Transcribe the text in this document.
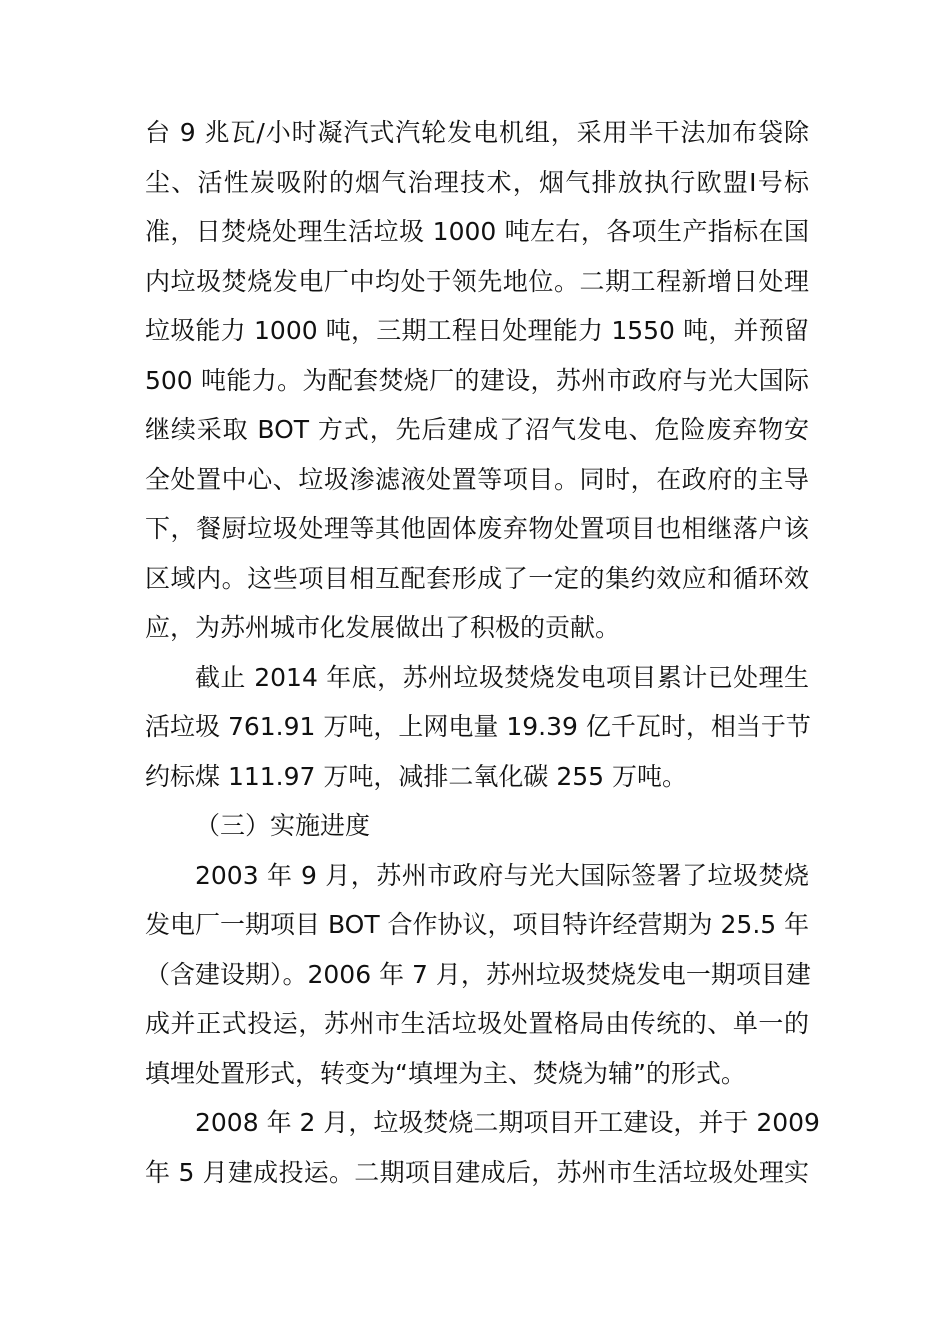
台 9 兆瓦/小时凝汽式汽轮发电机组，采用半干法加布袋除
尘、活性炭吸附的烟气治理技术，烟气排放执行欧盟Ⅰ号标
准，日焚烧处理生活垃圾 1000 吨左右，各项生产指标在国
内垃圾焚烧发电厂中均处于领先地位。二期工程新增日处理
垃圾能力 1000 吨，三期工程日处理能力 1550 吨，并预留
500 吨能力。为配套焚烧厂的建设，苏州市政府与光大国际
继续采取 BOT 方式，先后建成了沼气发电、危险废弃物安
全处置中心、垃圾渗滤液处置等项目。同时，在政府的主导
下，餐厨垃圾处理等其他固体废弃物处置项目也相继落户该
区域内。这些项目相互配套形成了一定的集约效应和循环效
应，为苏州城市化发展做出了积极的贡献。
截止 2014 年底，苏州垃圾焚烧发电项目累计已处理生
活垃圾 761.91 万吨，上网电量 19.39 亿千瓦时，相当于节
约标煤 111.97 万吨，减排二氧化碳 255 万吨。
（三）实施进度
2003 年 9 月，苏州市政府与光大国际签署了垃圾焚烧
发电厂一期项目 BOT 合作协议，项目特许经营期为 25.5 年
（含建设期）。2006 年 7 月，苏州垃圾焚烧发电一期项目建
成并正式投运，苏州市生活垃圾处置格局由传统的、单一的
填埋处置形式，转变为“填埋为主、焚烧为辅”的形式。
2008 年 2 月，垃圾焚烧二期项目开工建设，并于 2009
年 5 月建成投运。二期项目建成后，苏州市生活垃圾处理实
